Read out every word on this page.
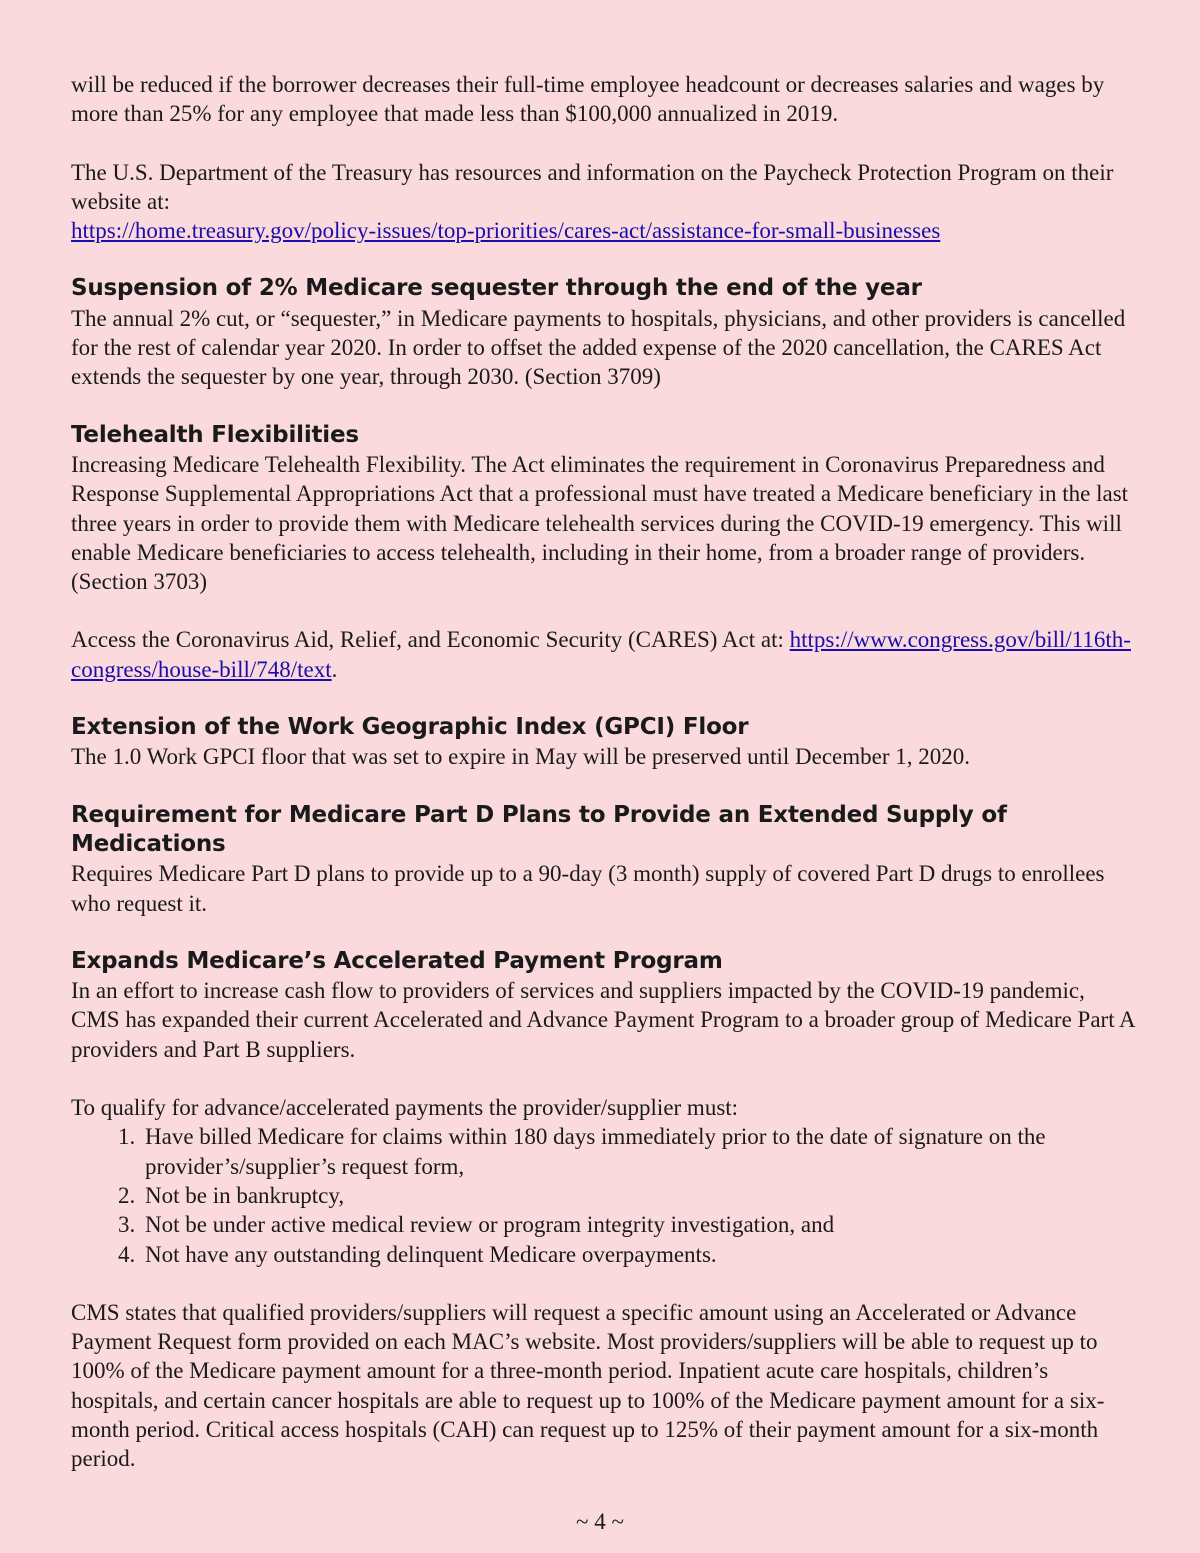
will be reduced if the borrower decreases their full-time employee headcount or decreases salaries and wages by more than 25% for any employee that made less than $100,000 annualized in 2019.

The U.S. Department of the Treasury has resources and information on the Paycheck Protection Program on their website at:
https://home.treasury.gov/policy-issues/top-priorities/cares-act/assistance-for-small-businesses

Suspension of 2% Medicare sequester through the end of the year

The annual 2% cut, or “sequester,” in Medicare payments to hospitals, physicians, and other providers is cancelled for the rest of calendar year 2020. In order to offset the added expense of the 2020 cancellation, the CARES Act extends the sequester by one year, through 2030. (Section 3709)

Telehealth Flexibilities

Increasing Medicare Telehealth Flexibility. The Act eliminates the requirement in Coronavirus Preparedness and Response Supplemental Appropriations Act that a professional must have treated a Medicare beneficiary in the last three years in order to provide them with Medicare telehealth services during the COVID-19 emergency. This will enable Medicare beneficiaries to access telehealth, including in their home, from a broader range of providers. (Section 3703)

Access the Coronavirus Aid, Relief, and Economic Security (CARES) Act at: https://www.congress.gov/bill/116th-congress/house-bill/748/text.

Extension of the Work Geographic Index (GPCI) Floor

The 1.0 Work GPCI floor that was set to expire in May will be preserved until December 1, 2020.

Requirement for Medicare Part D Plans to Provide an Extended Supply of Medications

Requires Medicare Part D plans to provide up to a 90-day (3 month) supply of covered Part D drugs to enrollees who request it.

Expands Medicare’s Accelerated Payment Program

In an effort to increase cash flow to providers of services and suppliers impacted by the COVID-19 pandemic, CMS has expanded their current Accelerated and Advance Payment Program to a broader group of Medicare Part A providers and Part B suppliers.

To qualify for advance/accelerated payments the provider/supplier must:

1. Have billed Medicare for claims within 180 days immediately prior to the date of signature on the provider’s/supplier’s request form,
2. Not be in bankruptcy,
3. Not be under active medical review or program integrity investigation, and
4. Not have any outstanding delinquent Medicare overpayments.

CMS states that qualified providers/suppliers will request a specific amount using an Accelerated or Advance Payment Request form provided on each MAC’s website. Most providers/suppliers will be able to request up to 100% of the Medicare payment amount for a three-month period. Inpatient acute care hospitals, children’s hospitals, and certain cancer hospitals are able to request up to 100% of the Medicare payment amount for a six-month period. Critical access hospitals (CAH) can request up to 125% of their payment amount for a six-month period.

~ 4 ~
